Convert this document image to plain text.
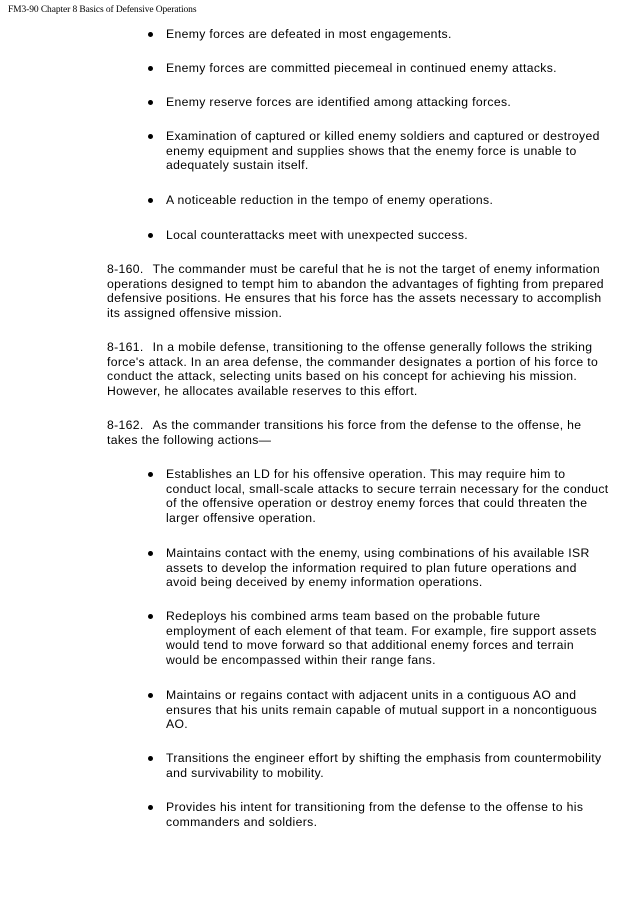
FM3-90 Chapter 8 Basics of Defensive Operations
Enemy forces are defeated in most engagements.
Enemy forces are committed piecemeal in continued enemy attacks.
Enemy reserve forces are identified among attacking forces.
Examination of captured or killed enemy soldiers and captured or destroyed enemy equipment and supplies shows that the enemy force is unable to adequately sustain itself.
A noticeable reduction in the tempo of enemy operations.
Local counterattacks meet with unexpected success.
8-160. The commander must be careful that he is not the target of enemy information operations designed to tempt him to abandon the advantages of fighting from prepared defensive positions. He ensures that his force has the assets necessary to accomplish its assigned offensive mission.
8-161. In a mobile defense, transitioning to the offense generally follows the striking force's attack. In an area defense, the commander designates a portion of his force to conduct the attack, selecting units based on his concept for achieving his mission. However, he allocates available reserves to this effort.
8-162. As the commander transitions his force from the defense to the offense, he takes the following actions—
Establishes an LD for his offensive operation. This may require him to conduct local, small-scale attacks to secure terrain necessary for the conduct of the offensive operation or destroy enemy forces that could threaten the larger offensive operation.
Maintains contact with the enemy, using combinations of his available ISR assets to develop the information required to plan future operations and avoid being deceived by enemy information operations.
Redeploys his combined arms team based on the probable future employment of each element of that team. For example, fire support assets would tend to move forward so that additional enemy forces and terrain would be encompassed within their range fans.
Maintains or regains contact with adjacent units in a contiguous AO and ensures that his units remain capable of mutual support in a noncontiguous AO.
Transitions the engineer effort by shifting the emphasis from countermobility and survivability to mobility.
Provides his intent for transitioning from the defense to the offense to his commanders and soldiers.
